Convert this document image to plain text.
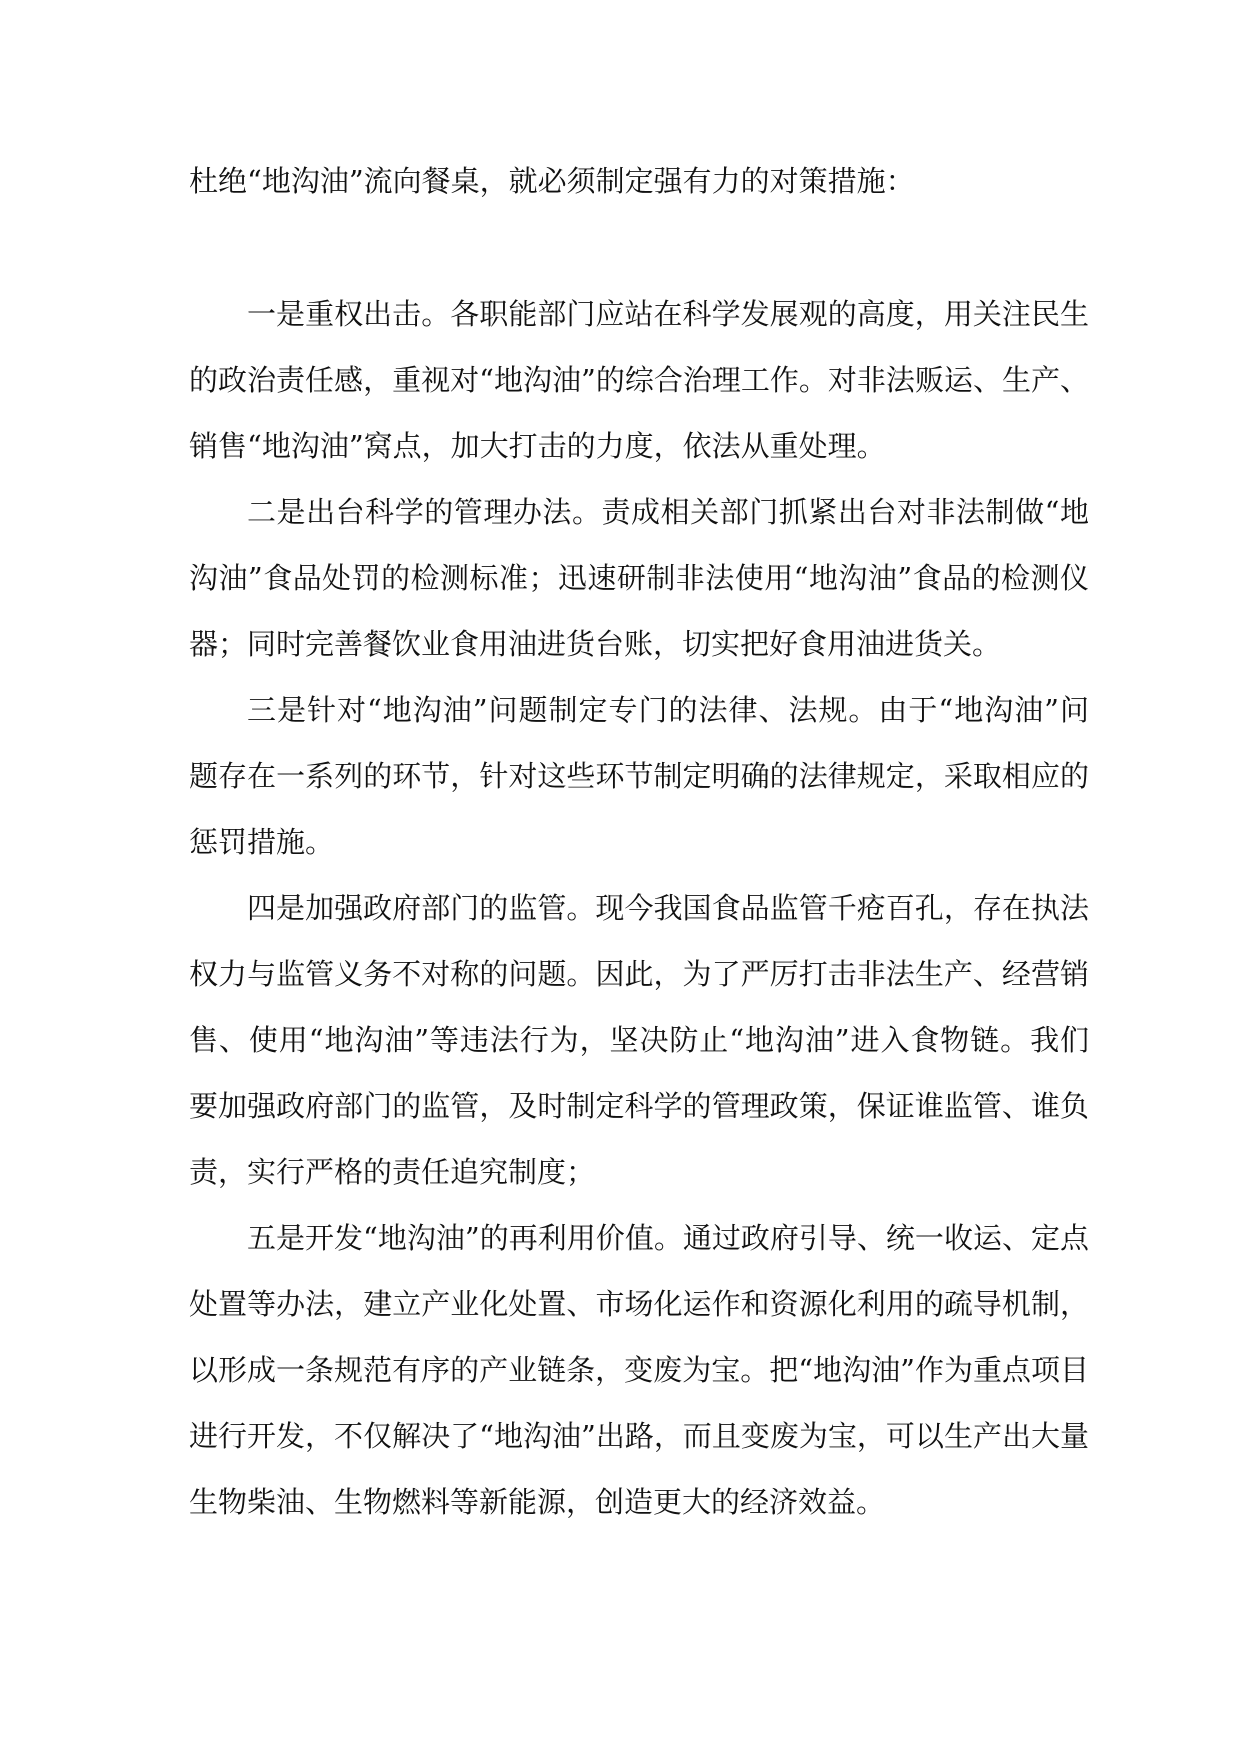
杜绝“地沟油”流向餐桌，就必须制定强有力的对策措施：

一是重权出击。各职能部门应站在科学发展观的高度，用关注民生的政治责任感，重视对“地沟油”的综合治理工作。对非法贩运、生产、销售“地沟油”窝点，加大打击的力度，依法从重处理。

二是出台科学的管理办法。责成相关部门抓紧出台对非法制做“地沟油”食品处罚的检测标准；迅速研制非法使用“地沟油”食品的检测仪器；同时完善餐饮业食用油进货台账，切实把好食用油进货关。

三是针对“地沟油”问题制定专门的法律、法规。由于“地沟油”问题存在一系列的环节，针对这些环节制定明确的法律规定，采取相应的惩罚措施。

四是加强政府部门的监管。现今我国食品监管千疮百孔，存在执法权力与监管义务不对称的问题。因此，为了严厉打击非法生产、经营销售、使用“地沟油”等违法行为，坚决防止“地沟油”进入食物链。我们要加强政府部门的监管，及时制定科学的管理政策，保证谁监管、谁负责，实行严格的责任追究制度；

五是开发“地沟油”的再利用价值。通过政府引导、统一收运、定点处置等办法，建立产业化处置、市场化运作和资源化利用的疏导机制，以形成一条规范有序的产业链条，变废为宝。把“地沟油”作为重点项目进行开发，不仅解决了“地沟油”出路，而且变废为宝，可以生产出大量生物柴油、生物燃料等新能源，创造更大的经济效益。
